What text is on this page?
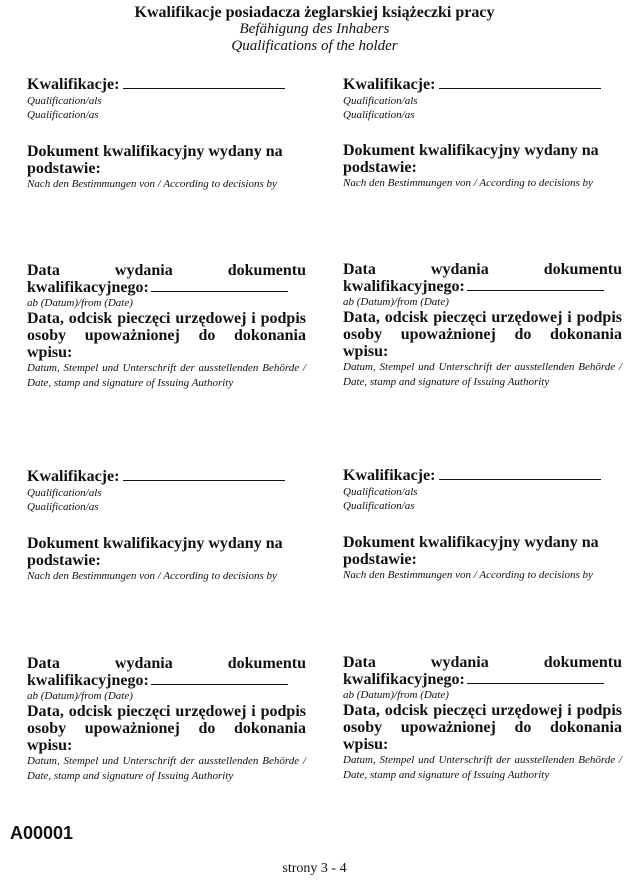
Kwalifikacje posiadacza żeglarskiej książeczki pracy
Befähigung des Inhabers
Qualifications of the holder
Kwalifikacje:
Qualification/als
Qualification/as
Dokument kwalifikacyjny wydany na podstawie:
Nach den Bestimmungen von / According to decisions by
Data wydania dokumentu
kwalifikacyjnego:
ab (Datum)/from (Date)
Data, odcisk pieczęci urzędowej i podpis osoby upoważnionej do dokonania wpisu:
Datum, Stempel und Unterschrift der ausstellenden Behörde / Date, stamp and signature of Issuing Authority
Kwalifikacje:
Qualification/als
Qualification/as
Dokument kwalifikacyjny wydany na podstawie:
Nach den Bestimmungen von / According to decisions by
Data wydania dokumentu
kwalifikacyjnego:
ab (Datum)/from (Date)
Data, odcisk pieczęci urzędowej i podpis osoby upoważnionej do dokonania wpisu:
Datum, Stempel und Unterschrift der ausstellenden Behörde / Date, stamp and signature of Issuing Authority
Kwalifikacje:
Qualification/als
Qualification/as
Dokument kwalifikacyjny wydany na podstawie:
Nach den Bestimmungen von / According to decisions by
Data wydania dokumentu
kwalifikacyjnego:
ab (Datum)/from (Date)
Data, odcisk pieczęci urzędowej i podpis osoby upoważnionej do dokonania wpisu:
Datum, Stempel und Unterschrift der ausstellenden Behörde / Date, stamp and signature of Issuing Authority
Kwalifikacje:
Qualification/als
Qualification/as
Dokument kwalifikacyjny wydany na podstawie:
Nach den Bestimmungen von / According to decisions by
Data wydania dokumentu
kwalifikacyjnego:
ab (Datum)/from (Date)
Data, odcisk pieczęci urzędowej i podpis osoby upoważnionej do dokonania wpisu:
Datum, Stempel und Unterschrift der ausstellenden Behörde / Date, stamp and signature of Issuing Authority
A00001
strony 3 - 4
